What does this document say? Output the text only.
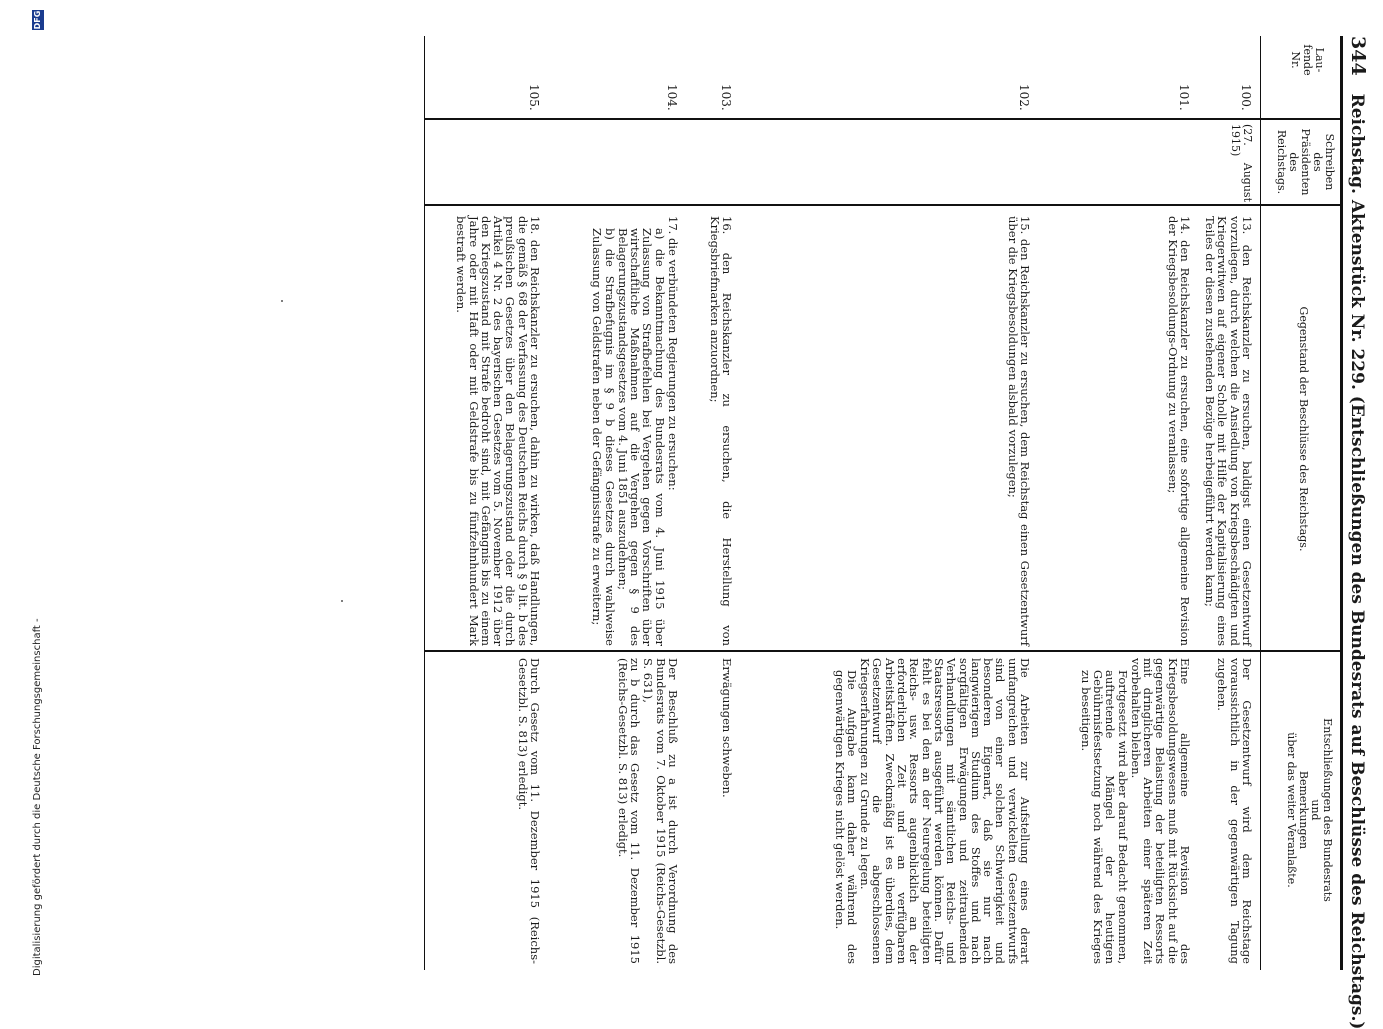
344 Reichstag. Aktenstück Nr. 229. (Entschließungen des Bundesrats auf Beschlüsse des Reichstags.)
Lau-
fende
Nr.
Schreiben
des
Präsidenten
des
Reichstags.
Gegenstand der Beschlüsse des Reichstags.
Entschließungen des Bundesrats
und
Bemerkungen
über das weiter Veranlaßte.
100.
(27. August 1915)
13. den Reichskanzler zu ersuchen, baldigst einen Gesetzentwurf vorzulegen, durch welchen die Ansiedlung von Kriegsbeschädigten und Kriegerwitwen auf eigener Scholle mit Hilfe der Kapitalisierung eines Teiles der diesen zustehenden Bezüge herbeigeführt werden kann;
Der Gesetzentwurf wird dem Reichstage voraussichtlich in der gegenwärtigen Tagung zugehen.
101.
14. den Reichskanzler zu ersuchen, eine sofortige allgemeine Revision der Kriegsbesoldungs-Ordnung zu veranlassen;
Eine allgemeine Revision des Kriegsbesoldungswesens muß mit Rücksicht auf die gegenwärtige Belastung der beteiligten Ressorts mit dringlicheren Arbeiten einer späteren Zeit vorbehalten bleiben.
Fortgesetzt wird aber darauf Bedacht genommen, auftretende Mängel der heutigen Gebührnisfestsetzung noch während des Krieges zu beseitigen.
102.
15. den Reichskanzler zu ersuchen, dem Reichstag einen Gesetzentwurf über die Kriegsbesoldungen alsbald vorzulegen;
Die Arbeiten zur Aufstellung eines derart umfangreichen und verwickelten Gesetzentwurfs sind von einer solchen Schwierigkeit und besonderen Eigenart, daß sie nur nach langwierigem Studium des Stoffes und nach sorgfältigen Erwägungen und zeitraubenden Verhandlungen mit sämtlichen Reichs- und Staatsressorts ausgeführt werden können. Dafür fehlt es bei den an der Neuregelung beteiligten Reichs- usw. Ressorts augenblicklich an der erforderlichen Zeit und an verfügbaren Arbeitskräften. Zweckmäßig ist es überdies, dem Gesetzentwurf die abgeschlossenen Kriegserfahrungen zu Grunde zu legen.
Die Aufgabe kann daher während des gegenwärtigen Krieges nicht gelöst werden.
103.
16. den Reichskanzler zu ersuchen, die Herstellung von Kriegsbriefmarken anzuordnen;
Erwägungen schweben.
104.
17. die verbündeten Regierungen zu ersuchen:
a) die Bekanntmachung des Bundesrats vom 4. Juni 1915 über Zulassung von Strafbefehlen bei Vergehen gegen Vorschriften über wirtschaftliche Maßnahmen auf die Vergehen gegen § 9 des Belagerungszustandsgesetzes vom 4. Juni 1851 auszudehnen;
b) die Strafbefugnis im § 9 b dieses Gesetzes durch wahlweise Zulassung von Geldstrafen neben der Gefängnisstrafe zu erweitern;
Der Beschluß zu a ist durch Verordnung des Bundesrats vom 7. Oktober 1915 (Reichs-Gesetzbl. S. 631),
zu b durch das Gesetz vom 11. Dezember 1915 (Reichs-Gesetzbl. S. 813) erledigt.
105.
18. den Reichskanzler zu ersuchen, dahin zu wirken, daß Handlungen, die gemäß § 68 der Verfassung des Deutschen Reichs durch § 9 lit. b des preußischen Gesetzes über den Belagerungszustand oder die durch Artikel 4 Nr. 2 des bayerischen Gesetzes vom 5. November 1912 über den Kriegszustand mit Strafe bedroht sind, mit Gefängnis bis zu einem Jahre oder mit Haft oder mit Geldstrafe bis zu fünfzehnhundert Mark bestraft werden.
Durch Gesetz vom 11. Dezember 1915 (Reichs-Gesetzbl. S. 813) erledigt.
Digitalisierung gefördert durch die Deutsche Forschungsgemeinschaft -
DFG
